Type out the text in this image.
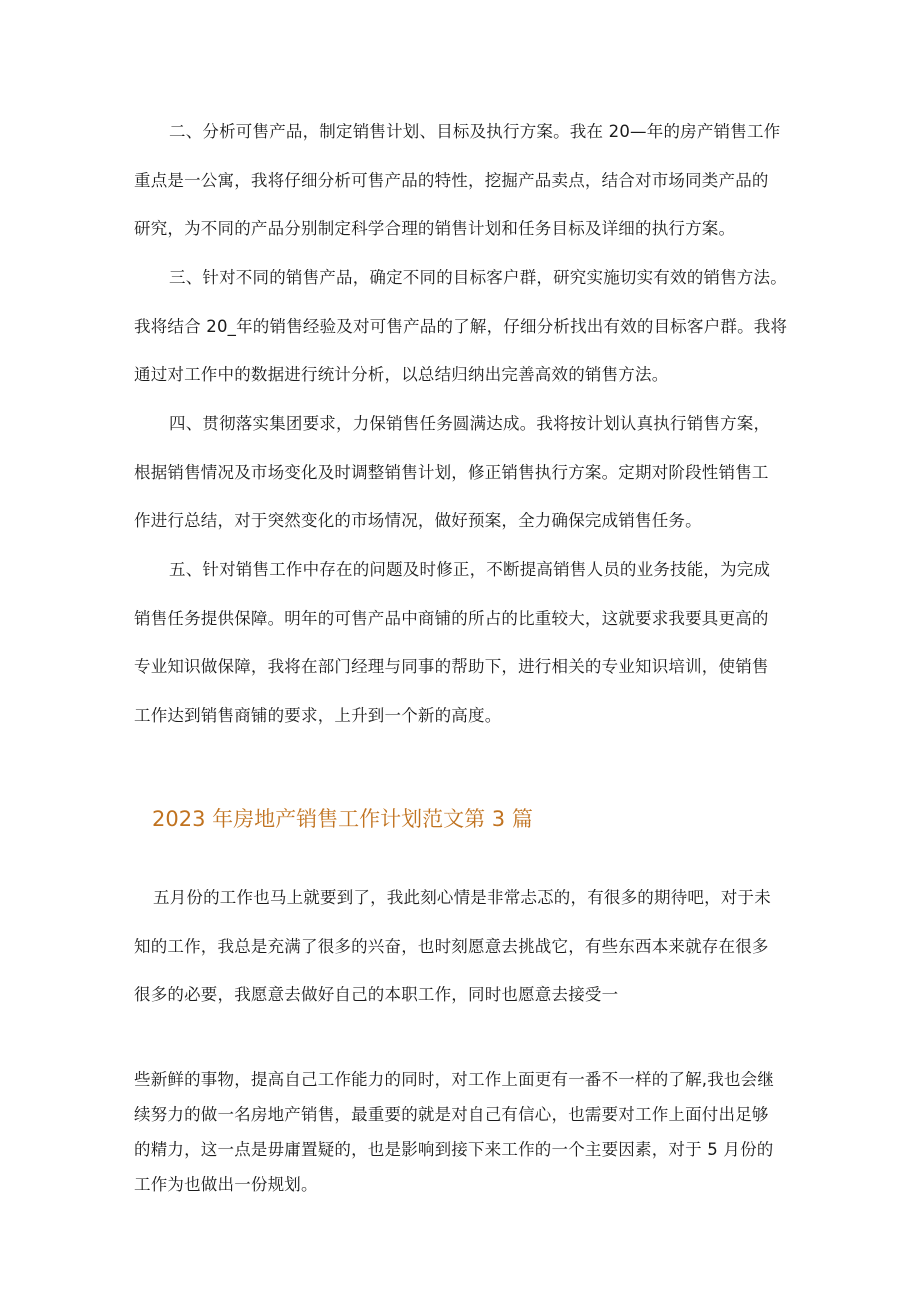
二、分析可售产品，制定销售计划、目标及执行方案。我在 20—年的房产销售工作
重点是一公寓，我将仔细分析可售产品的特性，挖掘产品卖点，结合对市场同类产品的
研究，为不同的产品分别制定科学合理的销售计划和任务目标及详细的执行方案。
三、针对不同的销售产品，确定不同的目标客户群，研究实施切实有效的销售方法。
我将结合 20_年的销售经验及对可售产品的了解，仔细分析找出有效的目标客户群。我将
通过对工作中的数据进行统计分析，以总结归纳出完善高效的销售方法。
四、贯彻落实集团要求，力保销售任务圆满达成。我将按计划认真执行销售方案，
根据销售情况及市场变化及时调整销售计划，修正销售执行方案。定期对阶段性销售工
作进行总结，对于突然变化的市场情况，做好预案，全力确保完成销售任务。
五、针对销售工作中存在的问题及时修正，不断提高销售人员的业务技能，为完成
销售任务提供保障。明年的可售产品中商铺的所占的比重较大，这就要求我要具更高的
专业知识做保障，我将在部门经理与同事的帮助下，进行相关的专业知识培训，使销售
工作达到销售商铺的要求，上升到一个新的高度。
2023 年房地产销售工作计划范文第 3 篇
五月份的工作也马上就要到了，我此刻心情是非常忐忑的，有很多的期待吧，对于未
知的工作，我总是充满了很多的兴奋，也时刻愿意去挑战它，有些东西本来就存在很多
很多的必要，我愿意去做好自己的本职工作，同时也愿意去接受一
些新鲜的事物，提高自己工作能力的同时，对工作上面更有一番不一样的了解,我也会继
续努力的做一名房地产销售，最重要的就是对自己有信心，也需要对工作上面付出足够
的精力，这一点是毋庸置疑的，也是影响到接下来工作的一个主要因素，对于 5 月份的
工作为也做出一份规划。
